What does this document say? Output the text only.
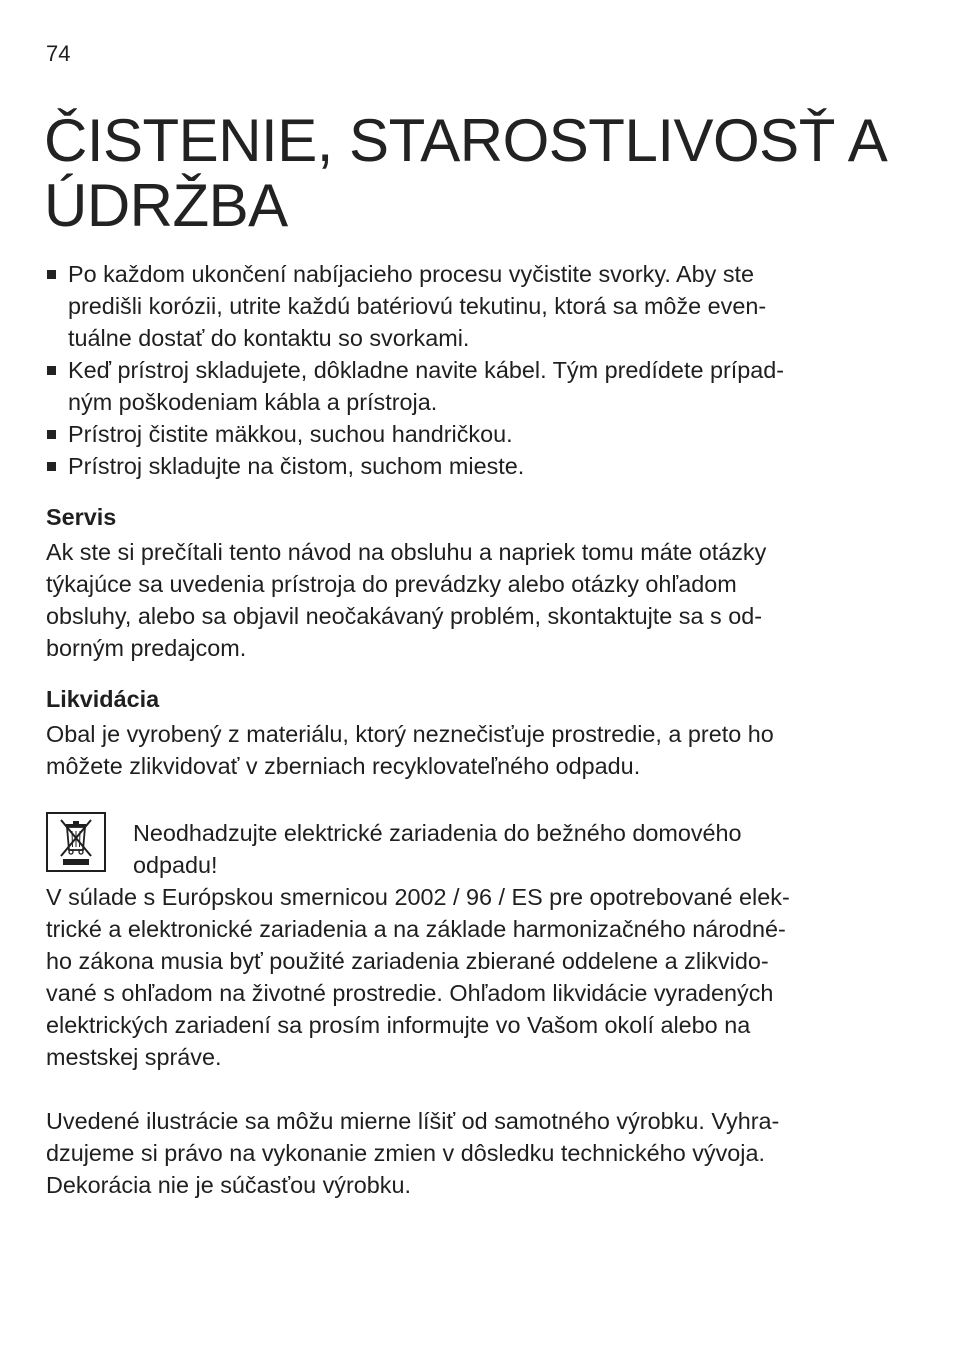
74
ČISTENIE, STAROSTLIVOSŤ A
ÚDRŽBA
Po každom ukončení nabíjacieho procesu vyčistite svorky. Aby ste
predišli korózii, utrite každú batériovú tekutinu, ktorá sa môže even-
tuálne dostať do kontaktu so svorkami.
Keď prístroj skladujete, dôkladne navite kábel. Tým predídete prípad-
ným poškodeniam kábla a prístroja.
Prístroj čistite mäkkou, suchou handričkou.
Prístroj skladujte na čistom, suchom mieste.
Servis

Ak ste si prečítali tento návod na obsluhu a napriek tomu máte otázky
týkajúce sa uvedenia prístroja do prevádzky alebo otázky ohľadom
obsluhy, alebo sa objavil neočakávaný problém, skontaktujte sa s od-
borným predajcom.

Likvidácia

Obal je vyrobený z materiálu, ktorý neznečisťuje prostredie, a preto ho
môžete zlikvidovať v zberniach recyklovateľného odpadu.

Neodhadzujte elektrické zariadenia do bežného domového
odpadu!

V súlade s Európskou smernicou 2002 / 96 / ES pre opotrebované elek-
trické a elektronické zariadenia a na základe harmonizačného národné-
ho zákona musia byť použité zariadenia zbierané oddelene a zlikvido-
vané s ohľadom na životné prostredie. Ohľadom likvidácie vyradených
elektrických zariadení sa prosím informujte vo Vašom okolí alebo na
mestskej správe.

Uvedené ilustrácie sa môžu mierne líšiť od samotného výrobku. Vyhra-
dzujeme si právo na vykonanie zmien v dôsledku technického vývoja.
Dekorácia nie je súčasťou výrobku.
